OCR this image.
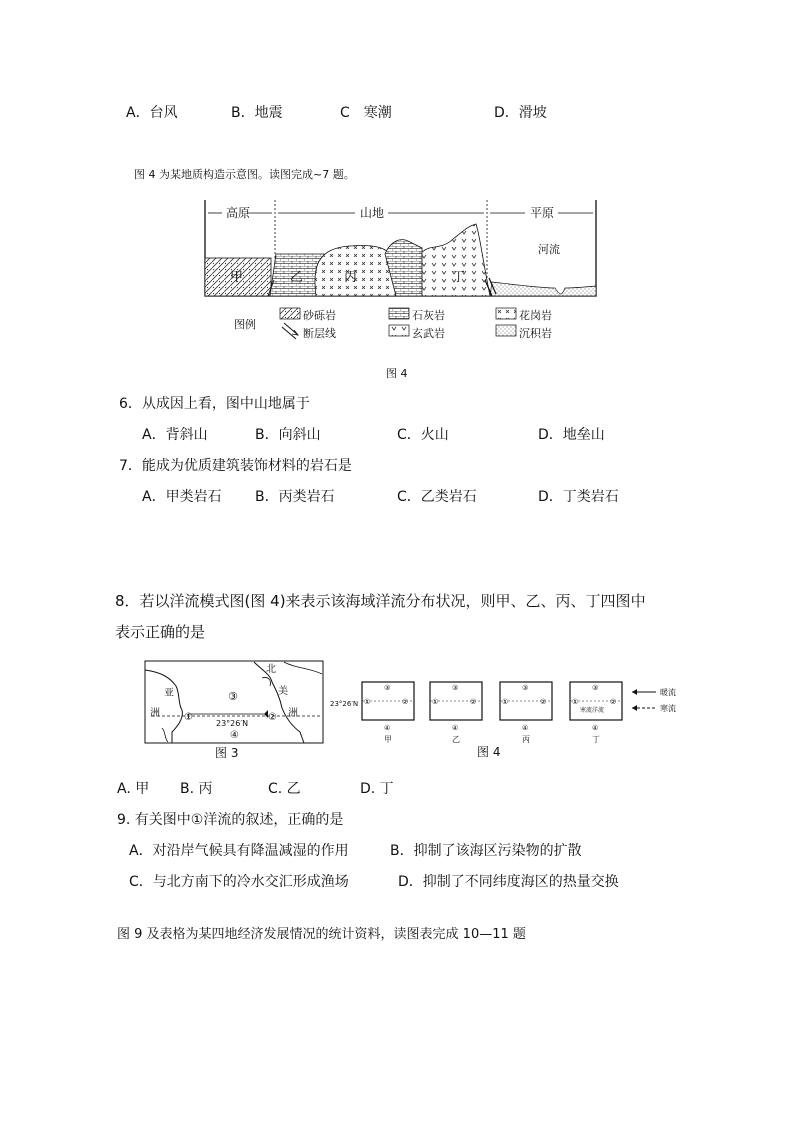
A．台风	B．地震	C　寒潮	D．滑坡
图 4 为某地质构造示意图。读图完成~7 题。
高原	山地	平原
甲	乙	丙	丁
河流
图例
砂砾岩	石灰岩	花岗岩
断层线	玄武岩	沉积岩
图 4
6．从成因上看，图中山地属于
A．背斜山	B．向斜山	C．火山	D．地垒山
7．能成为优质建筑装饰材料的岩石是
A．甲类岩石 B．丙类岩石	C．乙类岩石	D．丁类岩石
8．若以洋流模式图(图 4)来表示该海域洋流分布状况，则甲、乙、丙、丁四图中
表示正确的是
亚
洲
北
美
洲
③
②
①
④
23°26′N
图 3
23°26′N
③
①	②
④
③
①	②
④
③
①	②
④
③
①	②
④
寒流洋流
甲	乙	丙	丁
暖流
寒流
图 4
A. 甲 B. 丙	C. 乙	D. 丁
9. 有关图中①洋流的叙述，正确的是
A．对沿岸气候具有降温减湿的作用	B．抑制了该海区污染物的扩散
C．与北方南下的冷水交汇形成渔场	D．抑制了不同纬度海区的热量交换
图 9 及表格为某四地经济发展情况的统计资料，读图表完成 10—11 题
